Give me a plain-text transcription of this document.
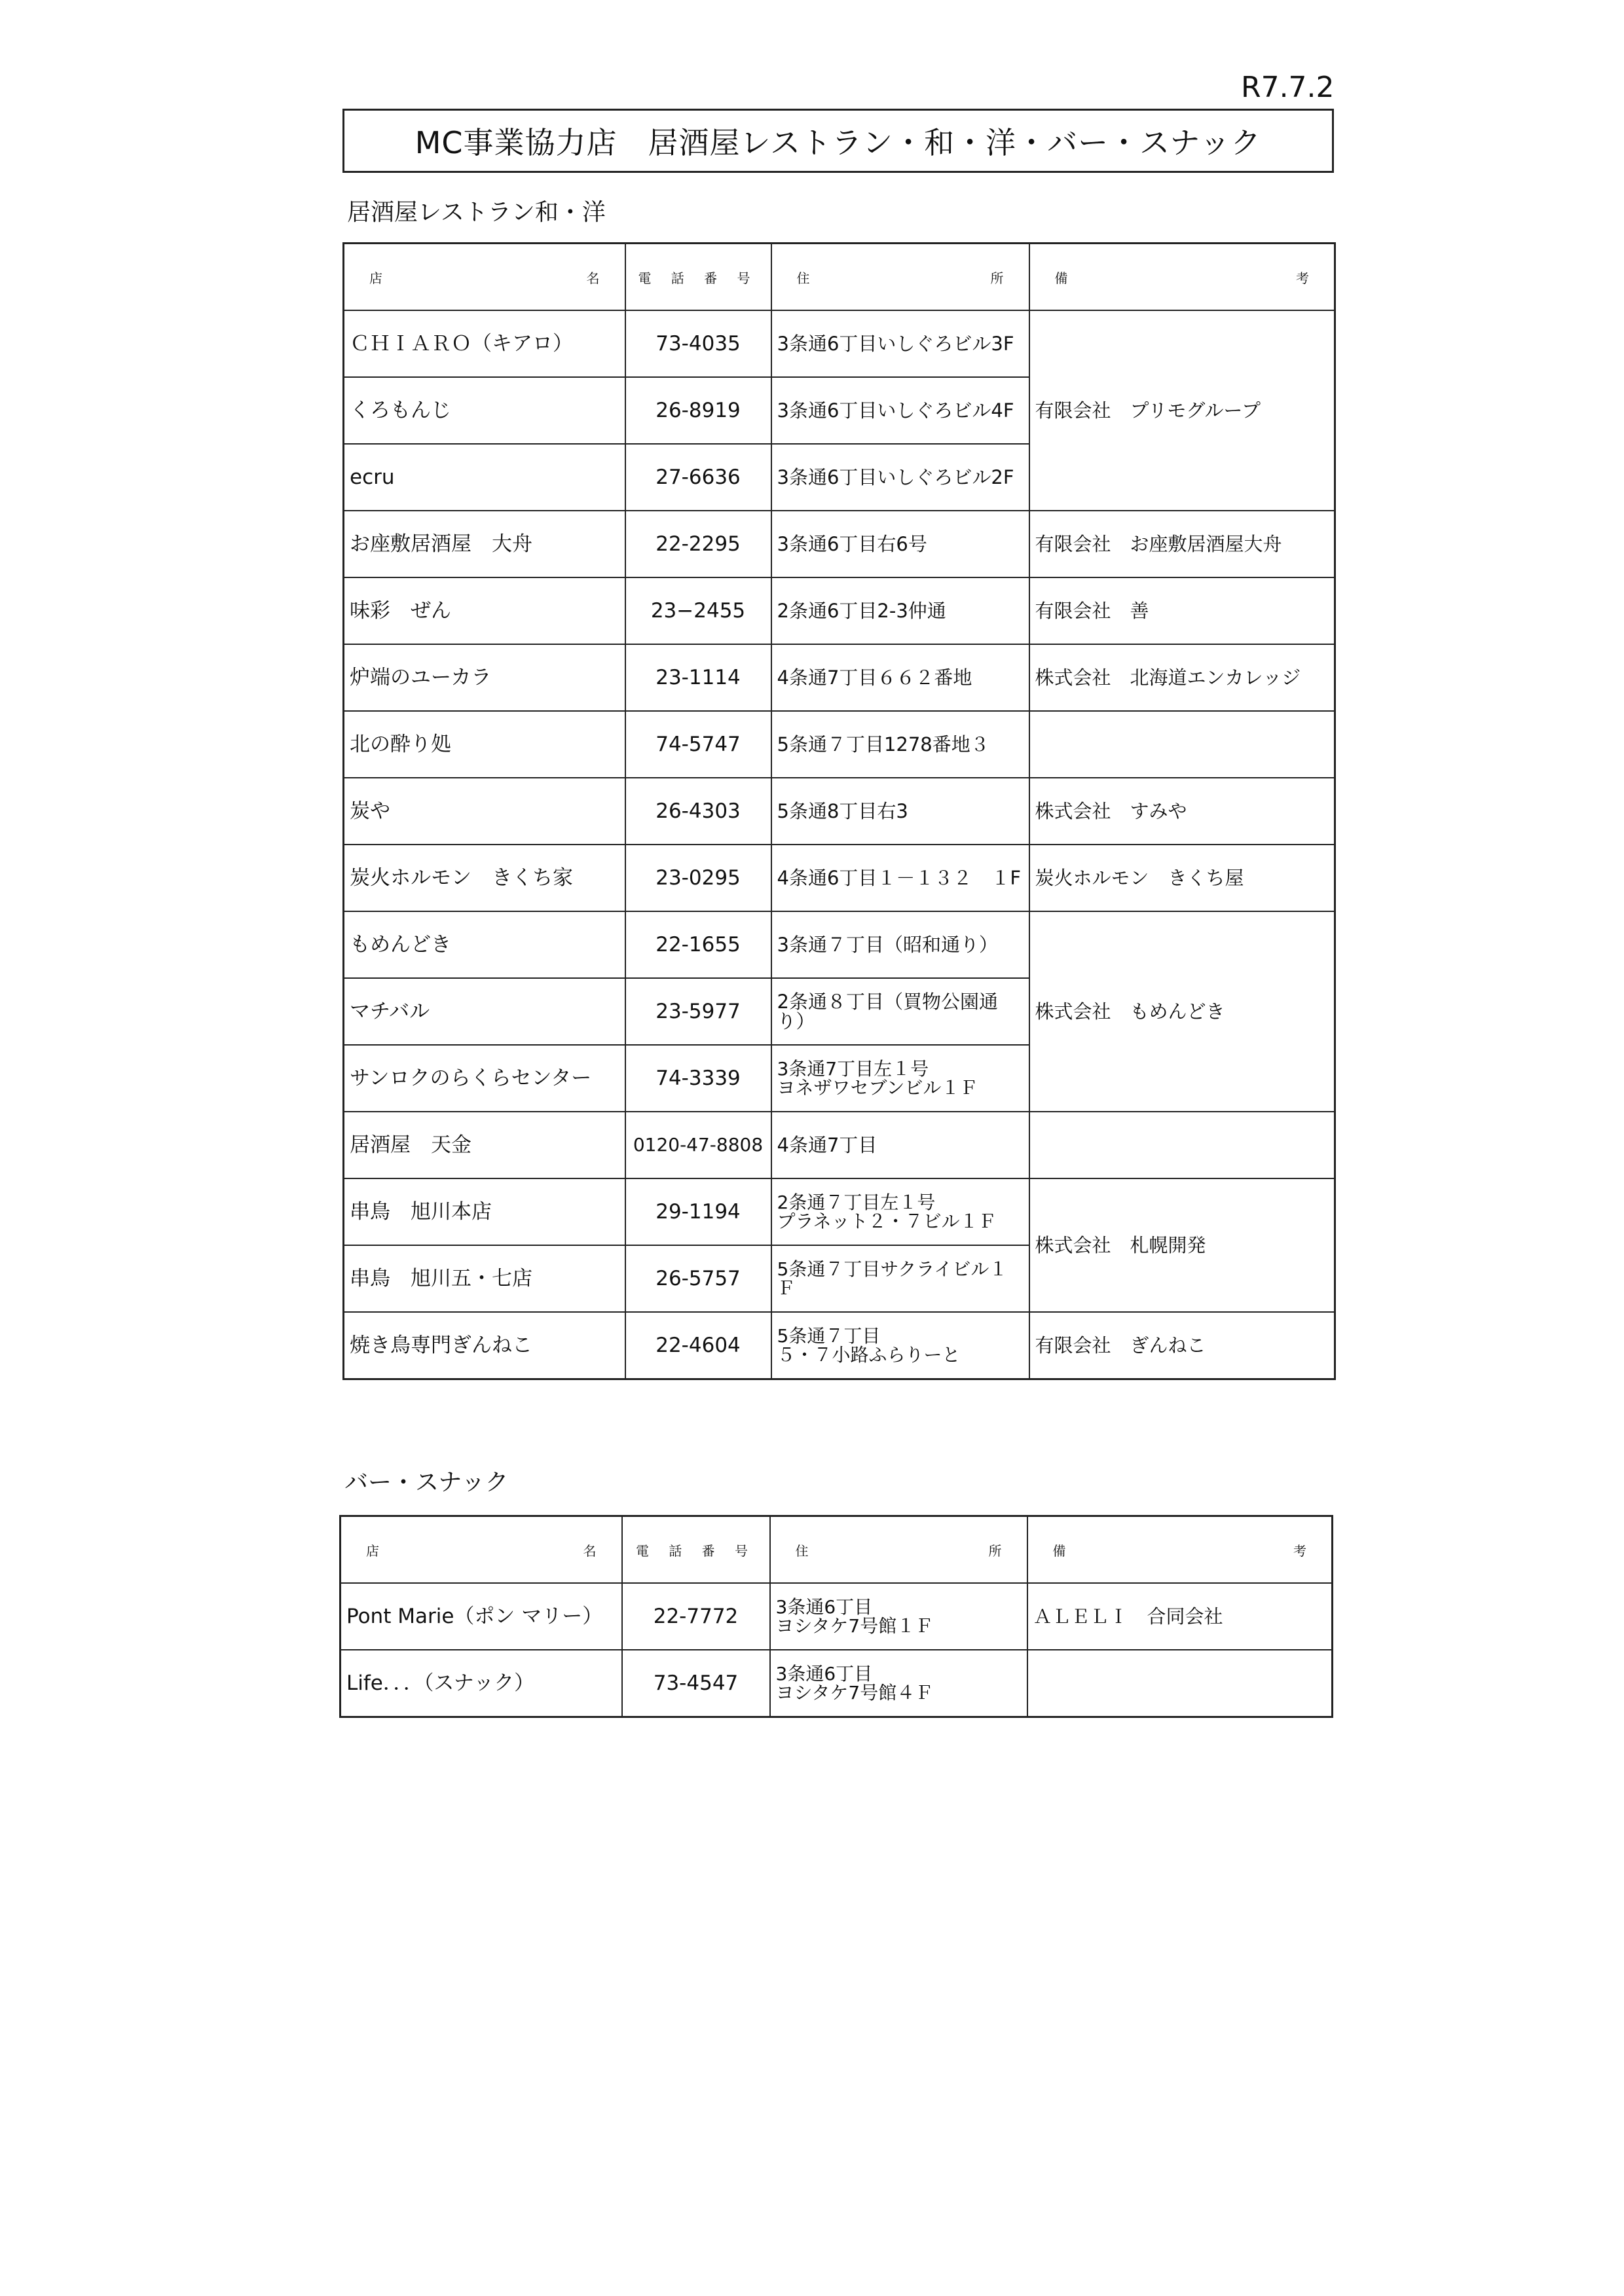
R7.7.2
MC事業協力店　居酒屋レストラン・和・洋・バー・スナック
居酒屋レストラン和・洋
店 名	電 話 番 号	住 所	備 考

ＣＨＩＡＲＯ（キアロ）	73-4035	3条通6丁目いしぐろビル3F	有限会社　プリモグループ
くろもんじ	26-8919	3条通6丁目いしぐろビル4F	
ecru	27-6636	3条通6丁目いしぐろビル2F	
お座敷居酒屋　大舟	22-2295	3条通6丁目右6号	有限会社　お座敷居酒屋大舟
味彩　ぜん	23−2455	2条通6丁目2-3仲通	有限会社　善
炉端のユーカラ	23-1114	4条通7丁目６６２番地	株式会社　北海道エンカレッジ
北の酔り処	74-5747	5条通７丁目1278番地３	
炭や	26-4303	5条通8丁目右3	株式会社　すみや
炭火ホルモン　きくち家	23-0295	4条通6丁目１－１３２　１F	炭火ホルモン　きくち屋
もめんどき	22-1655	3条通７丁目（昭和通り）	株式会社　もめんどき
マチバル	23-5977	2条通８丁目（買物公園通り）	
サンロクのらくらセンター	74-3339	3条通7丁目左１号
ヨネザワセブンビル１Ｆ	

居酒屋　天金	0120-47-8808	4条通7丁目	
串鳥　旭川本店	29-1194	2条通７丁目左１号
プラネット２・７ビル１Ｆ	株式会社　札幌開発
串鳥　旭川五・七店	26-5757	5条通７丁目サクライビル１Ｆ	
焼き鳥専門ぎんねこ	22-4604	5条通７丁目
５・７小路ふらりーと	有限会社　ぎんねこ
バー・スナック
店 名	電 話 番 号	住 所	備 考

Pont Marie（ポン マリー）	22-7772	3条通6丁目
ヨシタケ7号館１Ｆ	ＡＬＥＬＩ　合同会社
Life．．．（スナック）	73-4547	3条通6丁目
ヨシタケ7号館４Ｆ	
